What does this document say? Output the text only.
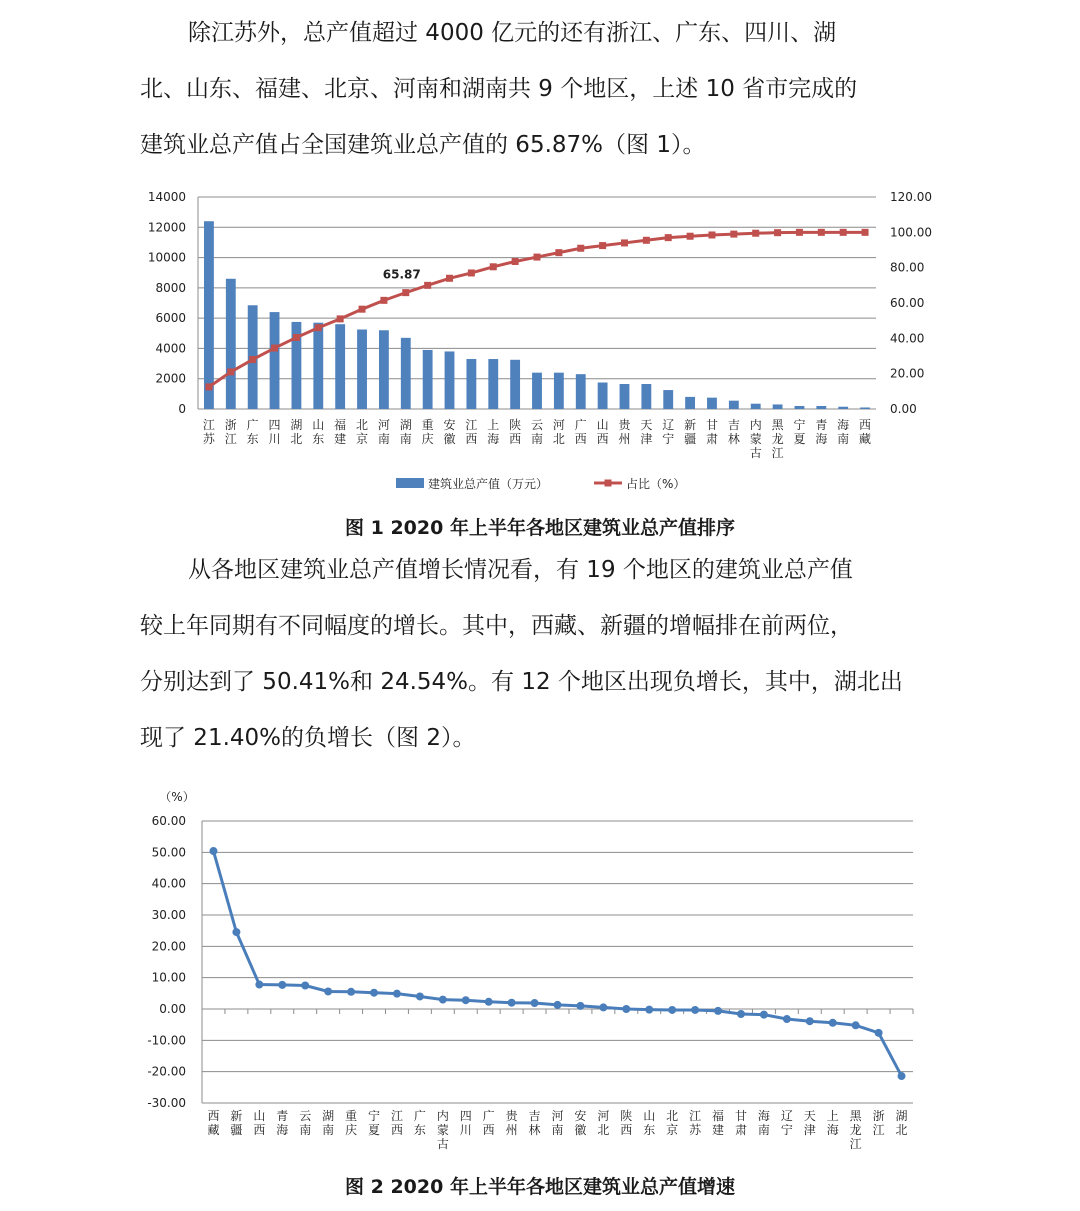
除江苏外，总产值超过 4000 亿元的还有浙江、广东、四川、湖
北、山东、福建、北京、河南和湖南共 9 个地区，上述 10 省市完成的
建筑业总产值占全国建筑业总产值的 65.87%（图 1）。
0
2000
4000
6000
8000
10000
12000
14000
0.00
20.00
40.00
60.00
80.00
100.00
120.00
江
苏
浙
江
广
东
四
川
湖
北
山
东
福
建
北
京
河
南
湖
南
重
庆
安
徽
江
西
上
海
陕
西
云
南
河
北
广
西
山
西
贵
州
天
津
辽
宁
新
疆
甘
肃
吉
林
内
蒙
古
黑
龙
江
宁
夏
青
海
海
南
西
藏
65.87
建筑业总产值（万元）	占比（%）
图 1 2020 年上半年各地区建筑业总产值排序
从各地区建筑业总产值增长情况看，有 19 个地区的建筑业总产值
较上年同期有不同幅度的增长。其中，西藏、新疆的增幅排在前两位，
分别达到了 50.41%和 24.54%。有 12 个地区出现负增长，其中，湖北出
现了 21.40%的负增长（图 2）。
-30.00
-20.00
-10.00
0.00
10.00
20.00
30.00
40.00
50.00
60.00
（%）
西
藏
新
疆
山
西
青
海
云
南
湖
南
重
庆
宁
夏
江
西
广
东
内
蒙
古
四
川
广
西
贵
州
吉
林
河
南
安
徽
河
北
陕
西
山
东
北
京
江
苏
福
建
甘
肃
海
南
辽
宁
天
津
上
海
黑
龙
江
浙
江
湖
北
图 2 2020 年上半年各地区建筑业总产值增速
